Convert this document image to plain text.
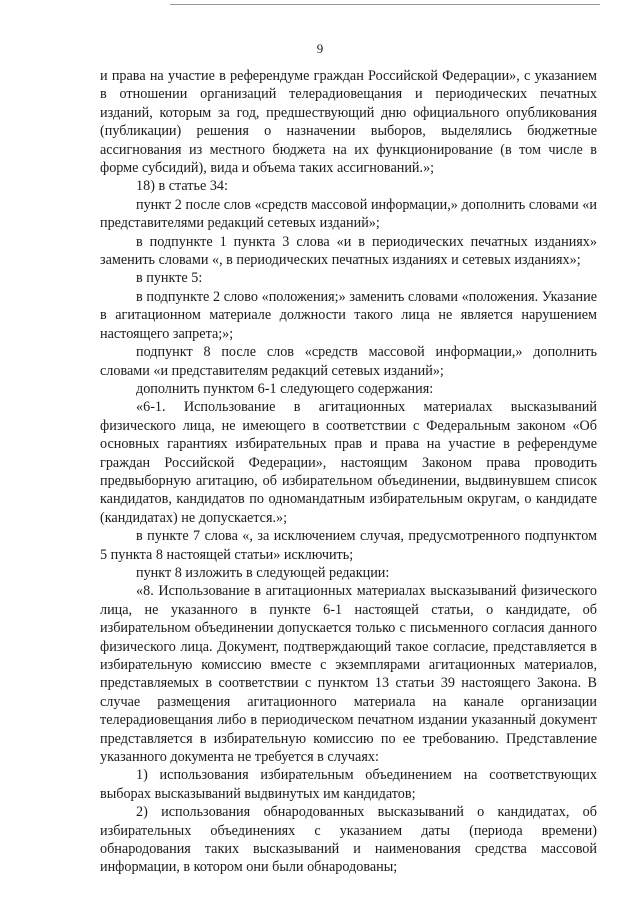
9

и права на участие в референдуме граждан Российской Федерации», с указанием в отношении организаций телерадиовещания и периодических печатных изданий, которым за год, предшествующий дню официального опубликования (публикации) решения о назначении выборов, выделялись бюджетные ассигнования из местного бюджета на их функционирование (в том числе в форме субсидий), вида и объема таких ассигнований.»;

18) в статье 34:

пункт 2 после слов «средств массовой информации,» дополнить словами «и представителями редакций сетевых изданий»;

в подпункте 1 пункта 3 слова «и в периодических печатных изданиях» заменить словами «, в периодических печатных изданиях и сетевых изданиях»;

в пункте 5:

в подпункте 2 слово «положения;» заменить словами «положения. Указание в агитационном материале должности такого лица не является нарушением настоящего запрета;»;

подпункт 8 после слов «средств массовой информации,» дополнить словами «и представителям редакций сетевых изданий»;

дополнить пунктом 6-1 следующего содержания:

«6-1. Использование в агитационных материалах высказываний физического лица, не имеющего в соответствии с Федеральным законом «Об основных гарантиях избирательных прав и права на участие в референдуме граждан Российской Федерации», настоящим Законом права проводить предвыборную агитацию, об избирательном объединении, выдвинувшем список кандидатов, кандидатов по одномандатным избирательным округам, о кандидате (кандидатах) не допускается.»;

в пункте 7 слова «, за исключением случая, предусмотренного подпунктом 5 пункта 8 настоящей статьи» исключить;

пункт 8 изложить в следующей редакции:

«8. Использование в агитационных материалах высказываний физического лица, не указанного в пункте 6-1 настоящей статьи, о кандидате, об избирательном объединении допускается только с письменного согласия данного физического лица. Документ, подтверждающий такое согласие, представляется в избирательную комиссию вместе с экземплярами агитационных материалов, представляемых в соответствии с пунктом 13 статьи 39 настоящего Закона. В случае размещения агитационного материала на канале организации телерадиовещания либо в периодическом печатном издании указанный документ представляется в избирательную комиссию по ее требованию. Представление указанного документа не требуется в случаях:

1) использования избирательным объединением на соответствующих выборах высказываний выдвинутых им кандидатов;

2) использования обнародованных высказываний о кандидатах, об избирательных объединениях с указанием даты (периода времени) обнародования таких высказываний и наименования средства массовой информации, в котором они были обнародованы;
